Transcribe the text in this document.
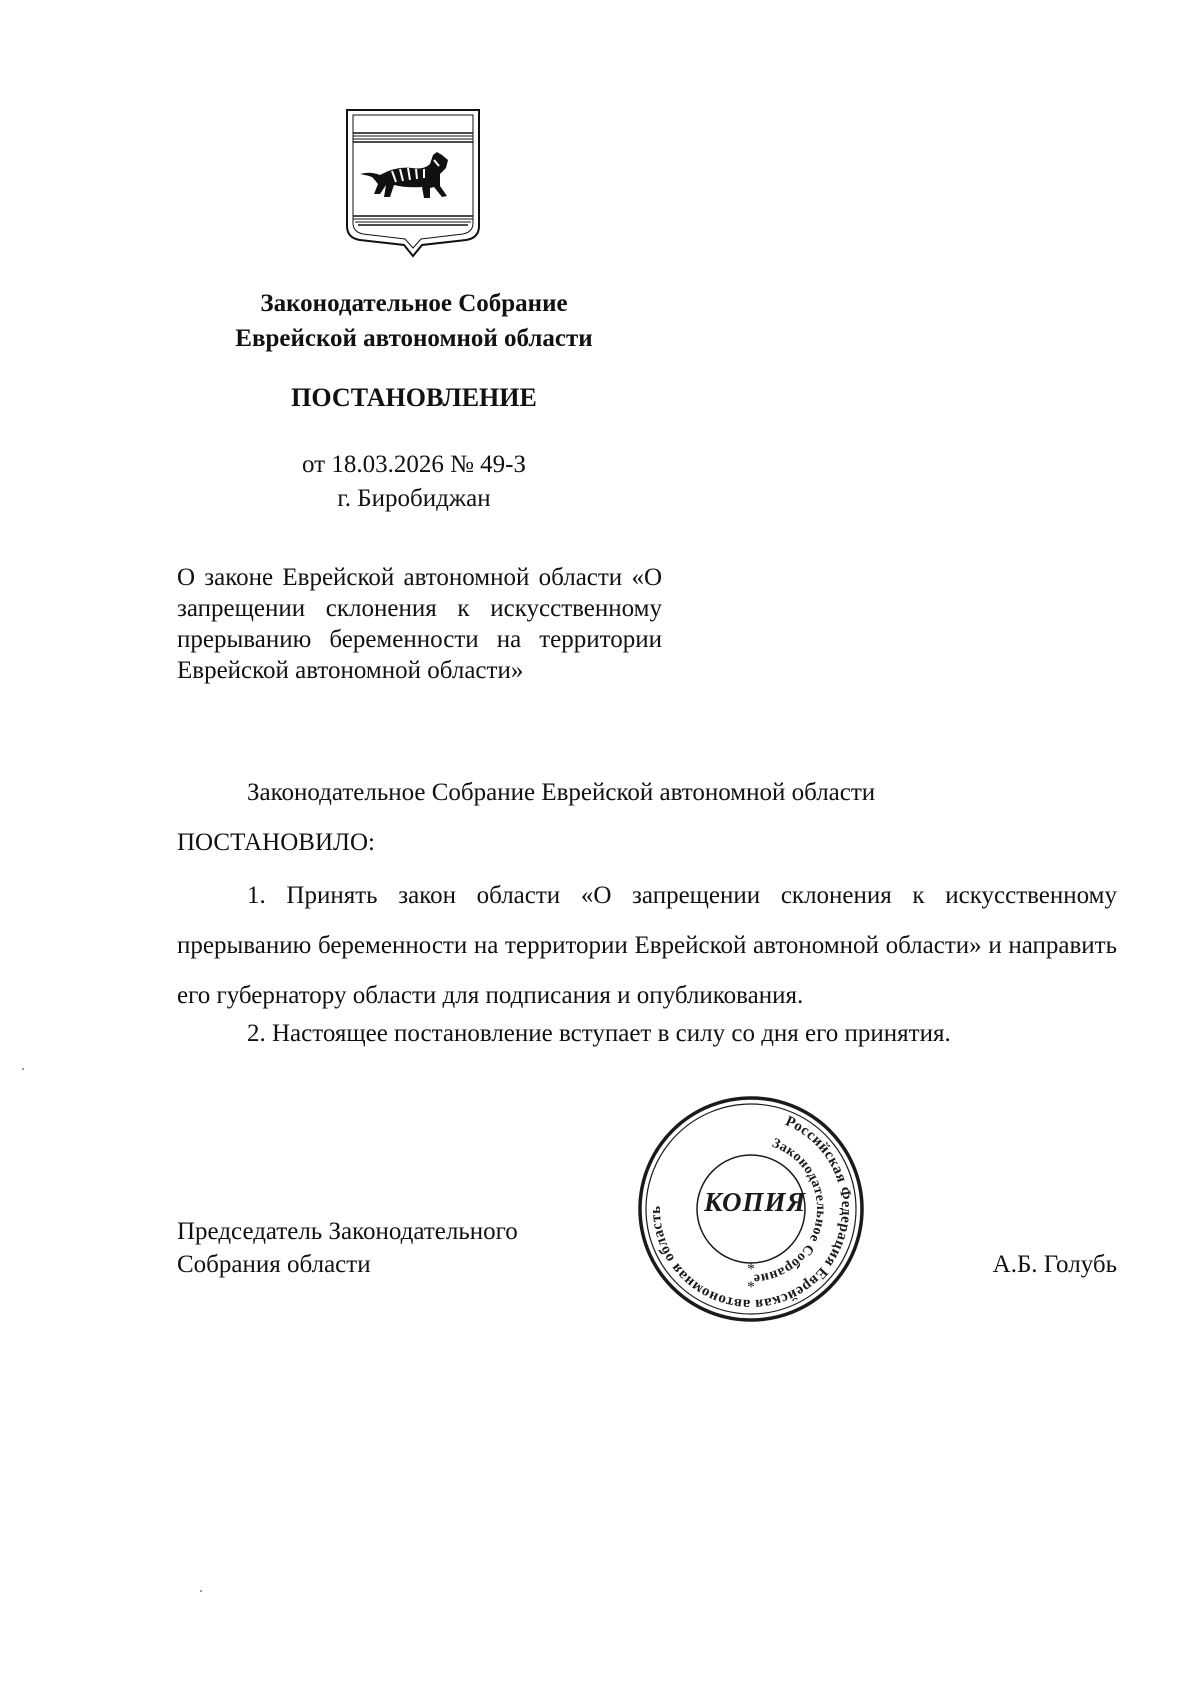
Законодательное Собрание
Еврейской автономной области
ПОСТАНОВЛЕНИЕ
от 18.03.2026 № 49-З
г. Биробиджан
О законе Еврейской автономной области «О запрещении склонения к искусственному прерыванию беременности на территории Еврейской автономной области»
Законодательное Собрание Еврейской автономной области
ПОСТАНОВИЛО:
1. Принять закон области «О запрещении склонения к искусственному прерыванию беременности на территории Еврейской автономной области» и направить его губернатору области для подписания и опубликования.
2. Настоящее постановление вступает в силу со дня его принятия.
Председатель Законодательного
Собрания области	А.Б. Голубь
Российская Федерация Еврейская автономная область
Законодательное Собрание
*
*
КОПИЯ
